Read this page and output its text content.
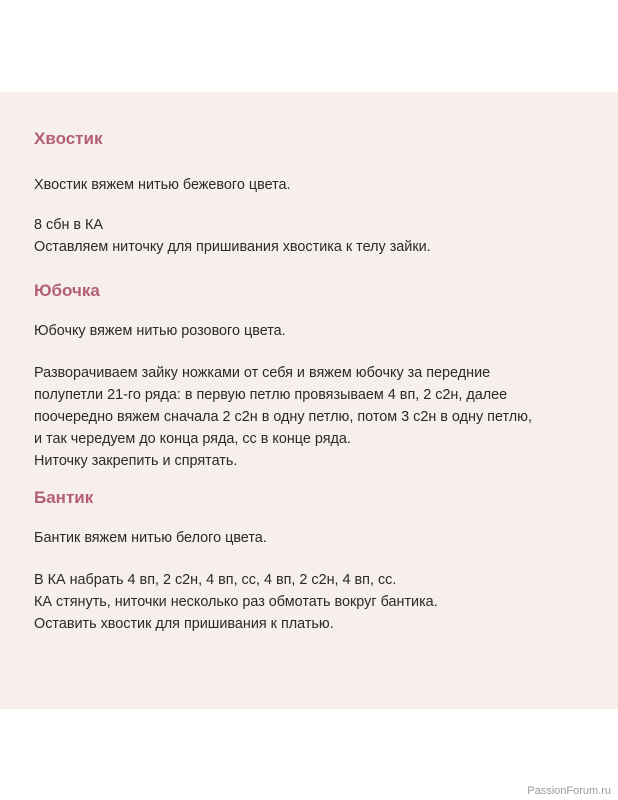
Хвостик

Хвостик вяжем нитью бежевого цвета.

8 сбн в КА

Оставляем ниточку для пришивания хвостика к телу зайки.

Юбочка

Юбочку вяжем нитью розового цвета.

Разворачиваем зайку ножками от себя и вяжем юбочку за передние

полупетли 21-го ряда: в первую петлю провязываем 4 вп, 2 с2н, далее

поочередно вяжем сначала 2 с2н в одну петлю, потом 3 с2н в одну петлю,

и так чередуем до конца ряда, сс в конце ряда.

Ниточку закрепить и спрятать.

Бантик

Бантик вяжем нитью белого цвета.

В КА набрать 4 вп, 2 с2н, 4 вп, сс, 4 вп, 2 с2н, 4 вп, сс.

КА стянуть, ниточки несколько раз обмотать вокруг бантика.

Оставить хвостик для пришивания к платью.

PassionForum.ru
